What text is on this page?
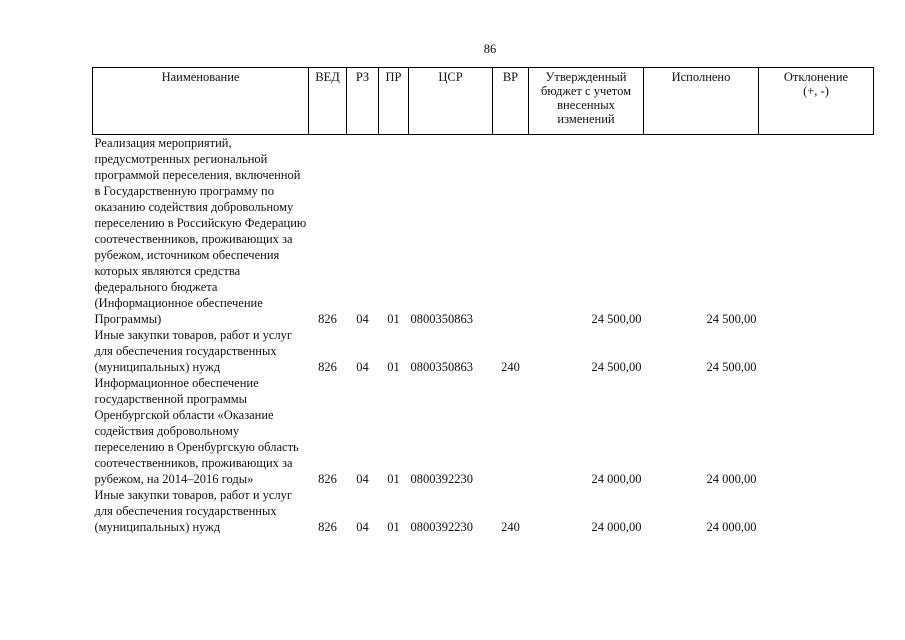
86
Наименование	ВЕД	РЗ	ПР	ЦСР	ВР	Утвержденный бюджет с учетом внесенных изменений	Исполнено	Отклонение (+, -)
Реализация мероприятий, предусмотренных региональной программой переселения, включенной в Государственную программу по оказанию содействия добровольному переселению в Российскую Федерацию соотечественников, проживающих за рубежом, источником обеспечения которых являются средства федерального бюджета (Информационное обеспечение Программы)	826	04	01	0800350863		24 500,00	24 500,00	
Иные закупки товаров, работ и услуг для обеспечения государственных (муниципальных) нужд	826	04	01	0800350863	240	24 500,00	24 500,00	
Информационное обеспечение государственной программы Оренбургской области «Оказание содействия добровольному переселению в Оренбургскую область соотечественников, проживающих за рубежом, на 2014–2016 годы»	826	04	01	0800392230		24 000,00	24 000,00	
Иные закупки товаров, работ и услуг для обеспечения государственных (муниципальных) нужд	826	04	01	0800392230	240	24 000,00	24 000,00	
